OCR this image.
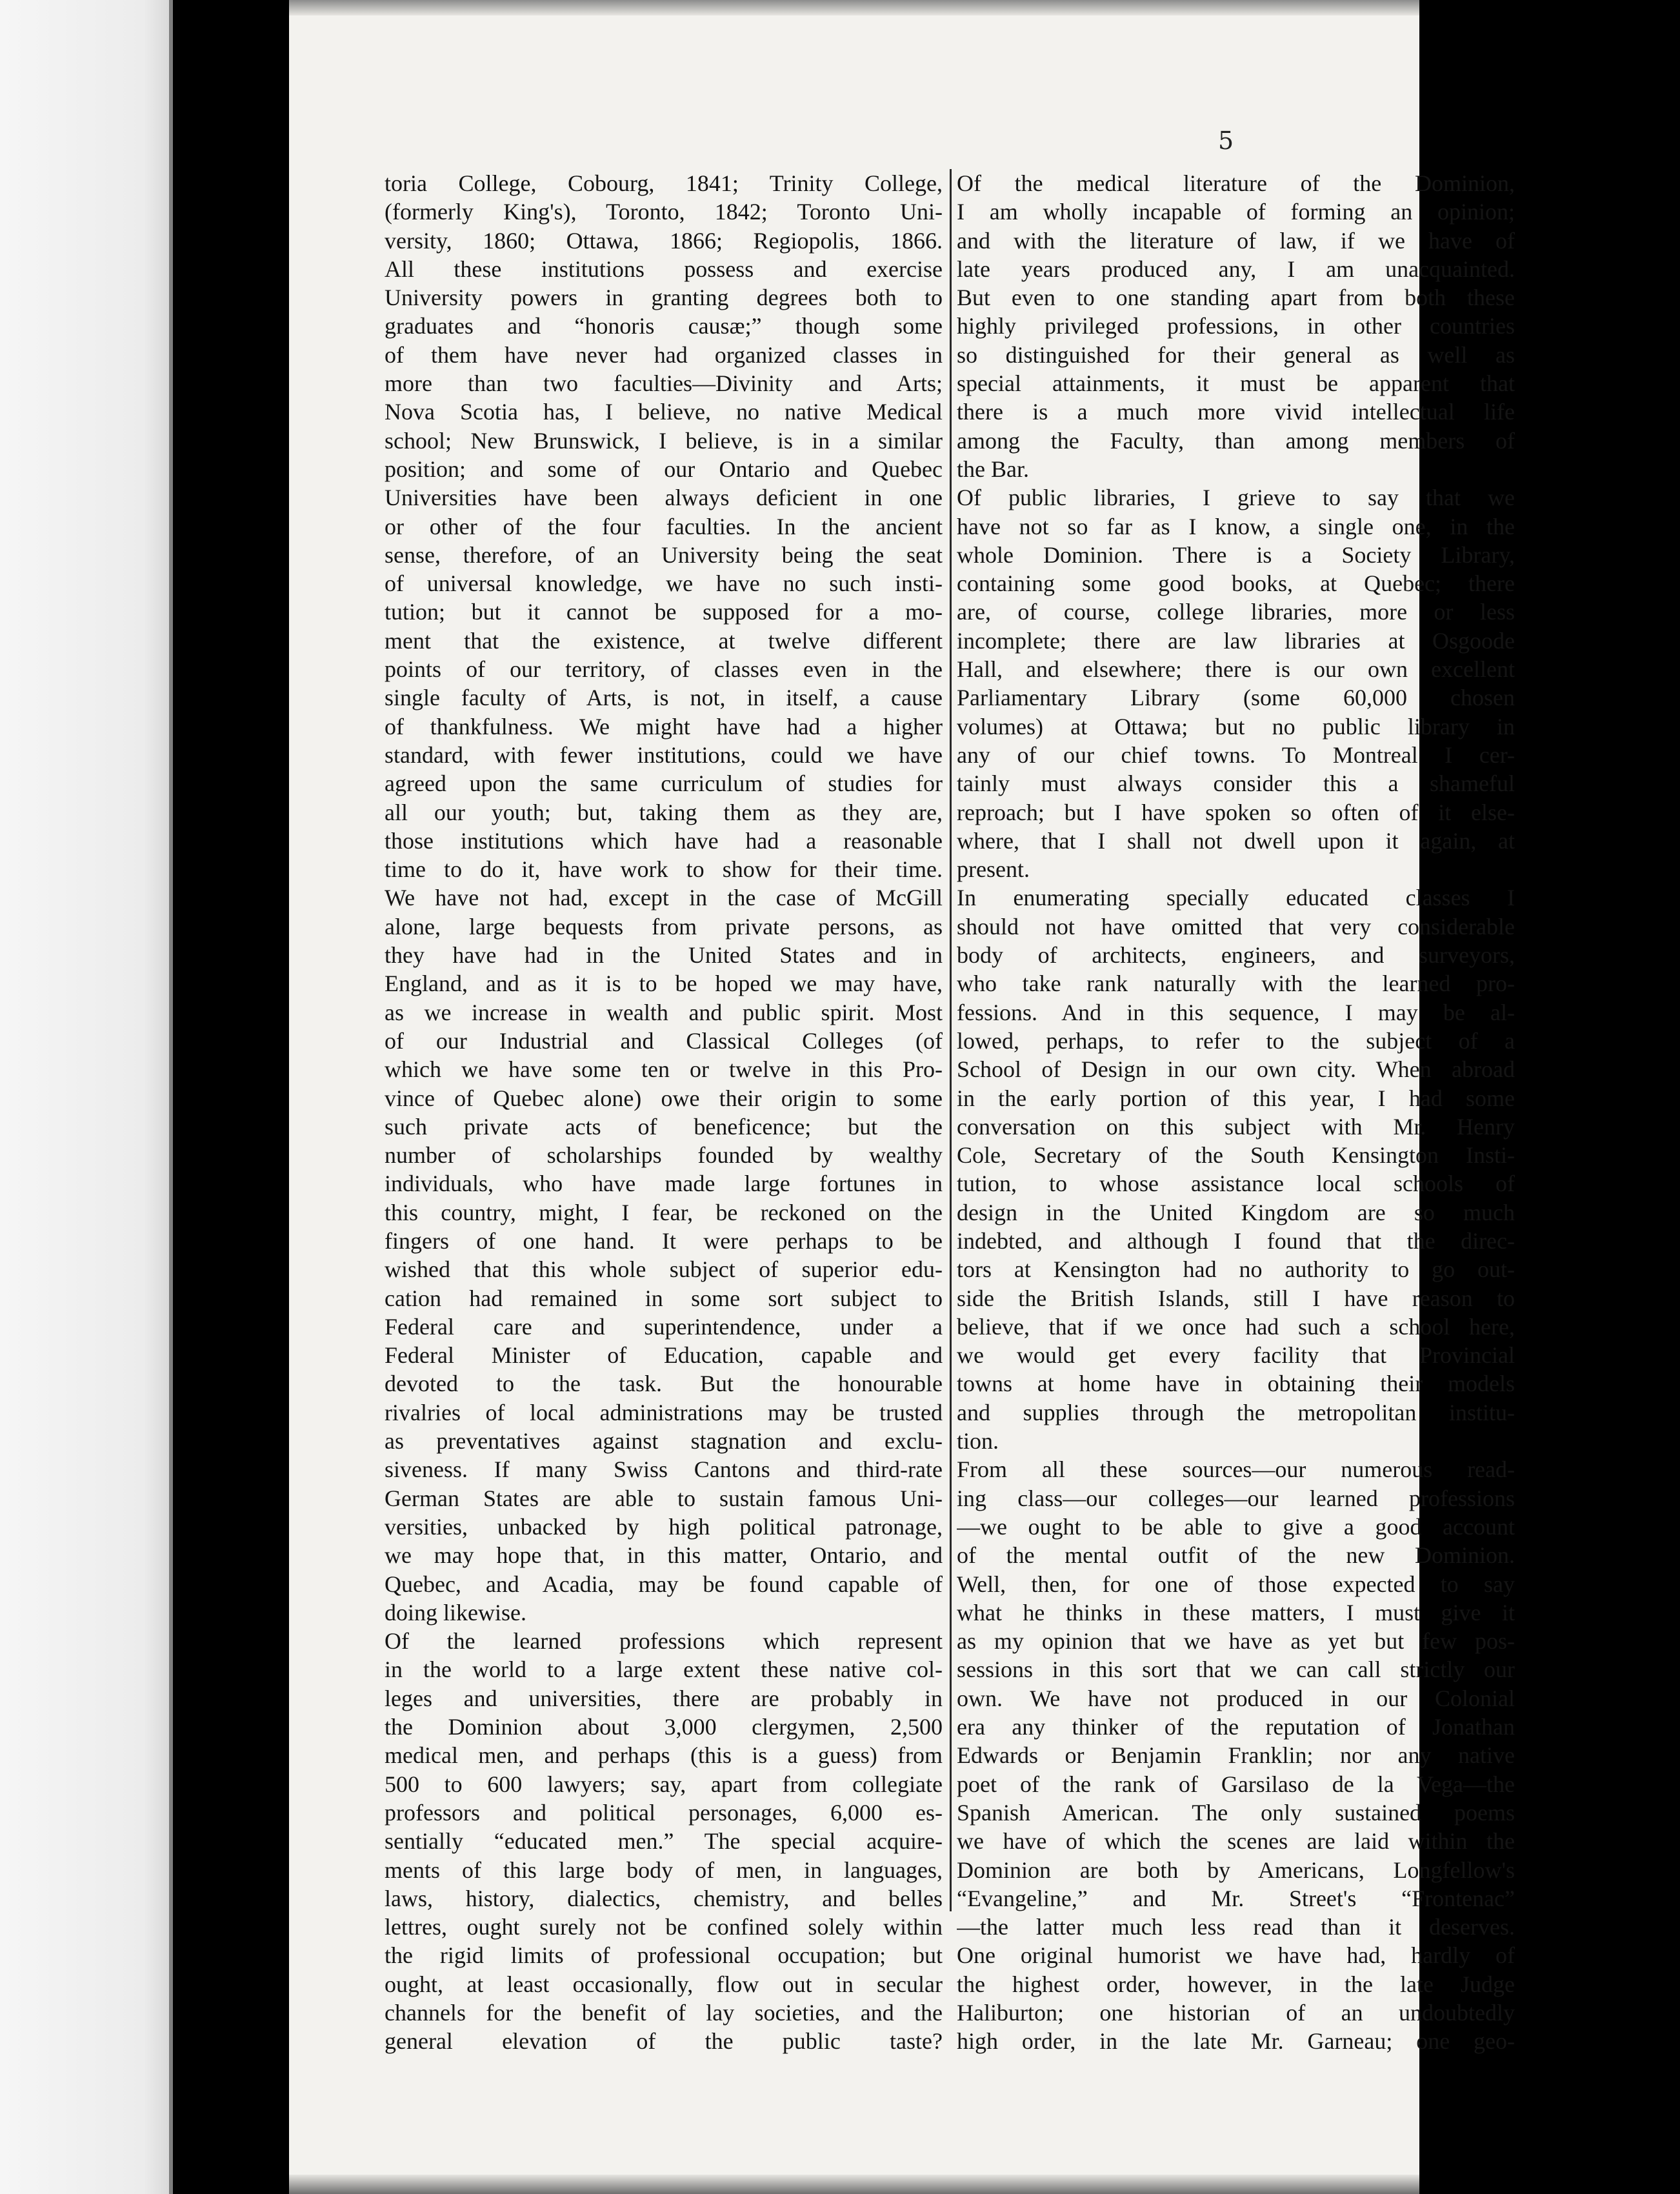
5
toria College, Cobourg, 1841; Trinity College,
(formerly King's), Toronto, 1842; Toronto Uni-
versity, 1860; Ottawa, 1866; Regiopolis, 1866.
All these institutions possess and exercise
University powers in granting degrees both to
graduates and “honoris causæ;” though some
of them have never had organized classes in
more than two faculties—Divinity and Arts;
Nova Scotia has, I believe, no native Medical
school; New Brunswick, I believe, is in a similar
position; and some of our Ontario and Quebec
Universities have been always deficient in one
or other of the four faculties. In the ancient
sense, therefore, of an University being the seat
of universal knowledge, we have no such insti-
tution; but it cannot be supposed for a mo-
ment that the existence, at twelve different
points of our territory, of classes even in the
single faculty of Arts, is not, in itself, a cause
of thankfulness. We might have had a higher
standard, with fewer institutions, could we have
agreed upon the same curriculum of studies for
all our youth; but, taking them as they are,
those institutions which have had a reasonable
time to do it, have work to show for their time.
We have not had, except in the case of McGill
alone, large bequests from private persons, as
they have had in the United States and in
England, and as it is to be hoped we may have,
as we increase in wealth and public spirit. Most
of our Industrial and Classical Colleges (of
which we have some ten or twelve in this Pro-
vince of Quebec alone) owe their origin to some
such private acts of beneficence; but the
number of scholarships founded by wealthy
individuals, who have made large fortunes in
this country, might, I fear, be reckoned on the
fingers of one hand. It were perhaps to be
wished that this whole subject of superior edu-
cation had remained in some sort subject to
Federal care and superintendence, under a
Federal Minister of Education, capable and
devoted to the task. But the honourable
rivalries of local administrations may be trusted
as preventatives against stagnation and exclu-
siveness. If many Swiss Cantons and third-rate
German States are able to sustain famous Uni-
versities, unbacked by high political patronage,
we may hope that, in this matter, Ontario, and
Quebec, and Acadia, may be found capable of
doing likewise.
Of the learned professions which represent
in the world to a large extent these native col-
leges and universities, there are probably in
the Dominion about 3,000 clergymen, 2,500
medical men, and perhaps (this is a guess) from
500 to 600 lawyers; say, apart from collegiate
professors and political personages, 6,000 es-
sentially “educated men.” The special acquire-
ments of this large body of men, in languages,
laws, history, dialectics, chemistry, and belles
lettres, ought surely not be confined solely within
the rigid limits of professional occupation; but
ought, at least occasionally, flow out in secular
channels for the benefit of lay societies, and the
general elevation of the public taste?
Of the medical literature of the Dominion,
I am wholly incapable of forming an opinion;
and with the literature of law, if we have of
late years produced any, I am unacquainted.
But even to one standing apart from both these
highly privileged professions, in other countries
so distinguished for their general as well as
special attainments, it must be apparent that
there is a much more vivid intellectual life
among the Faculty, than among members of
the Bar.
Of public libraries, I grieve to say that we
have not so far as I know, a single one, in the
whole Dominion. There is a Society Library,
containing some good books, at Quebec; there
are, of course, college libraries, more or less
incomplete; there are law libraries at Osgoode
Hall, and elsewhere; there is our own excellent
Parliamentary Library (some 60,000 chosen
volumes) at Ottawa; but no public library in
any of our chief towns. To Montreal I cer-
tainly must always consider this a shameful
reproach; but I have spoken so often of it else-
where, that I shall not dwell upon it again, at
present.
In enumerating specially educated classes I
should not have omitted that very considerable
body of architects, engineers, and surveyors,
who take rank naturally with the learned pro-
fessions. And in this sequence, I may be al-
lowed, perhaps, to refer to the subject of a
School of Design in our own city. When abroad
in the early portion of this year, I had some
conversation on this subject with Mr. Henry
Cole, Secretary of the South Kensington Insti-
tution, to whose assistance local schools of
design in the United Kingdom are so much
indebted, and although I found that the direc-
tors at Kensington had no authority to go out-
side the British Islands, still I have reason to
believe, that if we once had such a school here,
we would get every facility that Provincial
towns at home have in obtaining their models
and supplies through the metropolitan institu-
tion.
From all these sources—our numerous read-
ing class—our colleges—our learned professions
—we ought to be able to give a good account
of the mental outfit of the new Dominion.
Well, then, for one of those expected to say
what he thinks in these matters, I must give it
as my opinion that we have as yet but few pos-
sessions in this sort that we can call strictly our
own. We have not produced in our Colonial
era any thinker of the reputation of Jonathan
Edwards or Benjamin Franklin; nor any native
poet of the rank of Garsilaso de la Vega—the
Spanish American. The only sustained poems
we have of which the scenes are laid within the
Dominion are both by Americans, Longfellow's
“Evangeline,” and Mr. Street's “Frontenac”
—the latter much less read than it deserves.
One original humorist we have had, hardly of
the highest order, however, in the late Judge
Haliburton; one historian of an undoubtedly
high order, in the late Mr. Garneau; one geo-
